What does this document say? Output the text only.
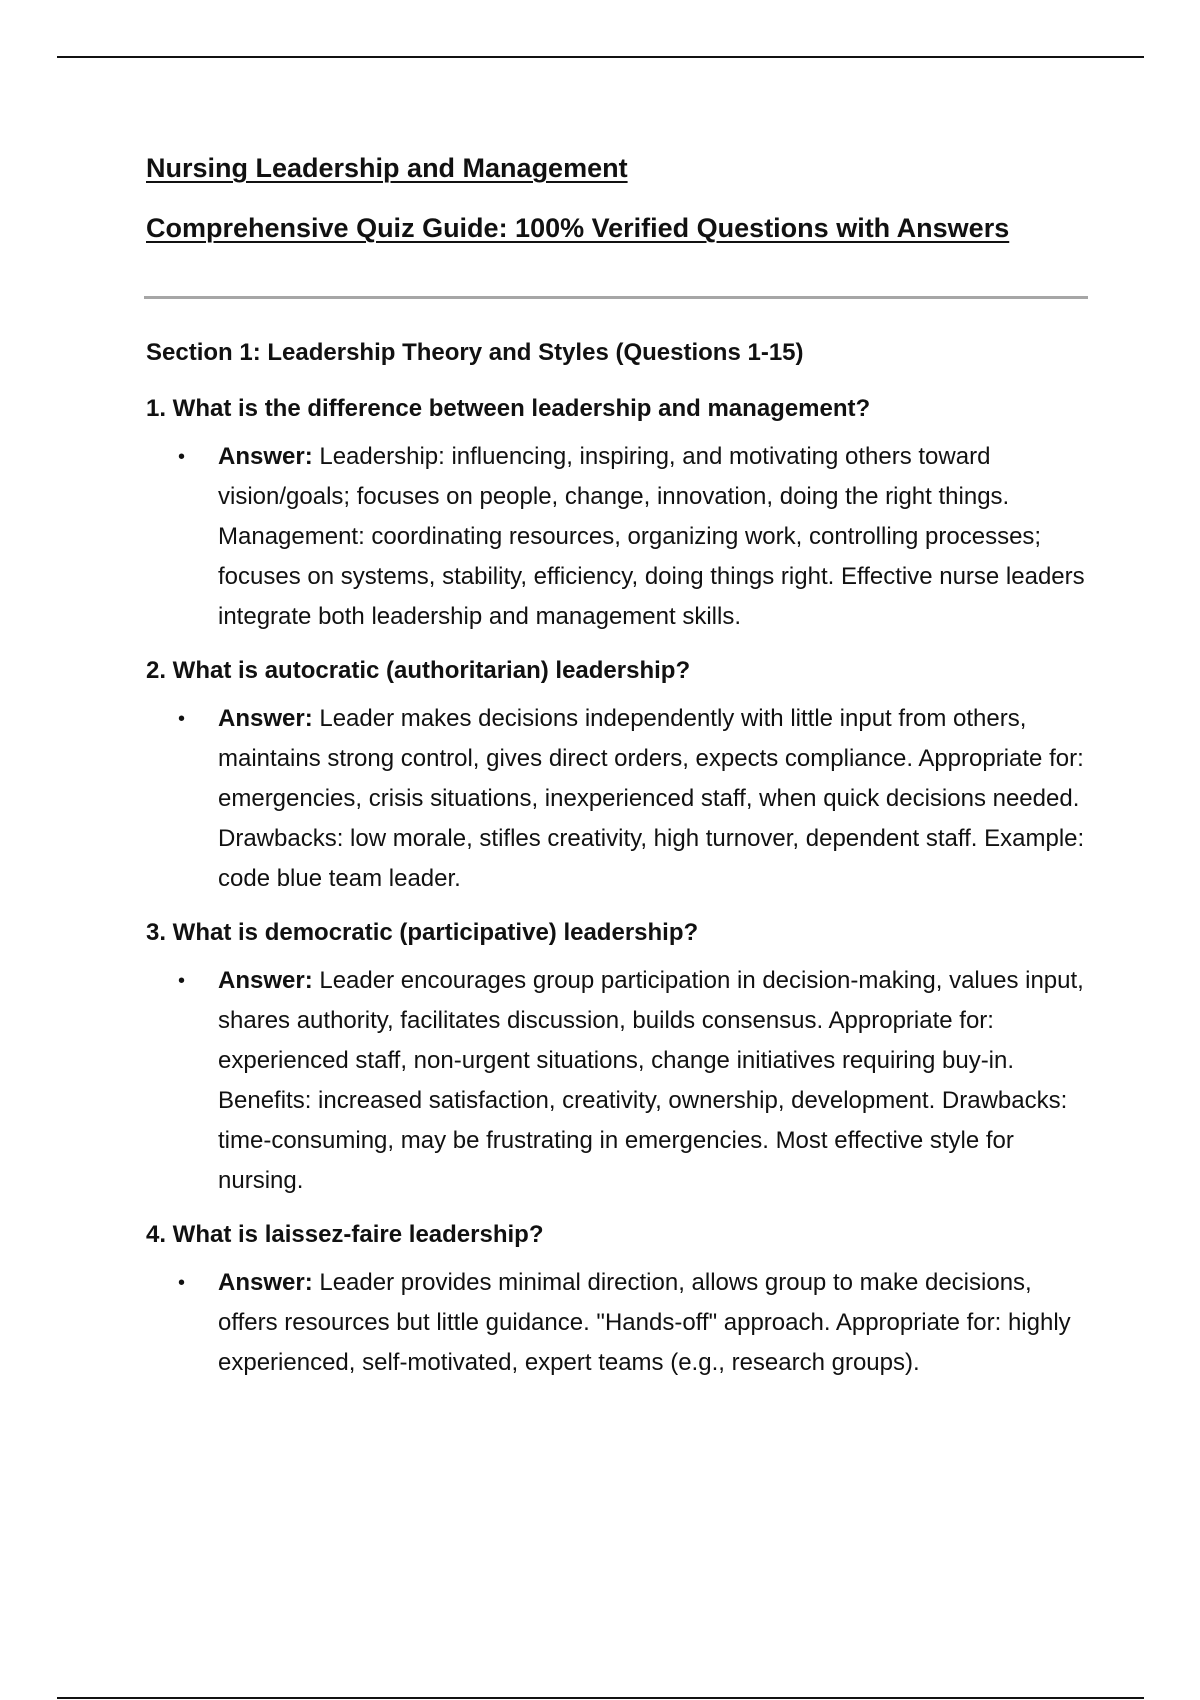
Nursing Leadership and Management

Comprehensive Quiz Guide: 100% Verified Questions with Answers

Section 1: Leadership Theory and Styles (Questions 1-15)

1. What is the difference between leadership and management?

• Answer: Leadership: influencing, inspiring, and motivating others toward vision/goals; focuses on people, change, innovation, doing the right things. Management: coordinating resources, organizing work, controlling processes; focuses on systems, stability, efficiency, doing things right. Effective nurse leaders integrate both leadership and management skills.

2. What is autocratic (authoritarian) leadership?

• Answer: Leader makes decisions independently with little input from others, maintains strong control, gives direct orders, expects compliance. Appropriate for: emergencies, crisis situations, inexperienced staff, when quick decisions needed. Drawbacks: low morale, stifles creativity, high turnover, dependent staff. Example: code blue team leader.

3. What is democratic (participative) leadership?

• Answer: Leader encourages group participation in decision-making, values input, shares authority, facilitates discussion, builds consensus. Appropriate for: experienced staff, non-urgent situations, change initiatives requiring buy-in. Benefits: increased satisfaction, creativity, ownership, development. Drawbacks: time-consuming, may be frustrating in emergencies. Most effective style for nursing.

4. What is laissez-faire leadership?

• Answer: Leader provides minimal direction, allows group to make decisions, offers resources but little guidance. "Hands-off" approach. Appropriate for: highly experienced, self-motivated, expert teams (e.g., research groups).
